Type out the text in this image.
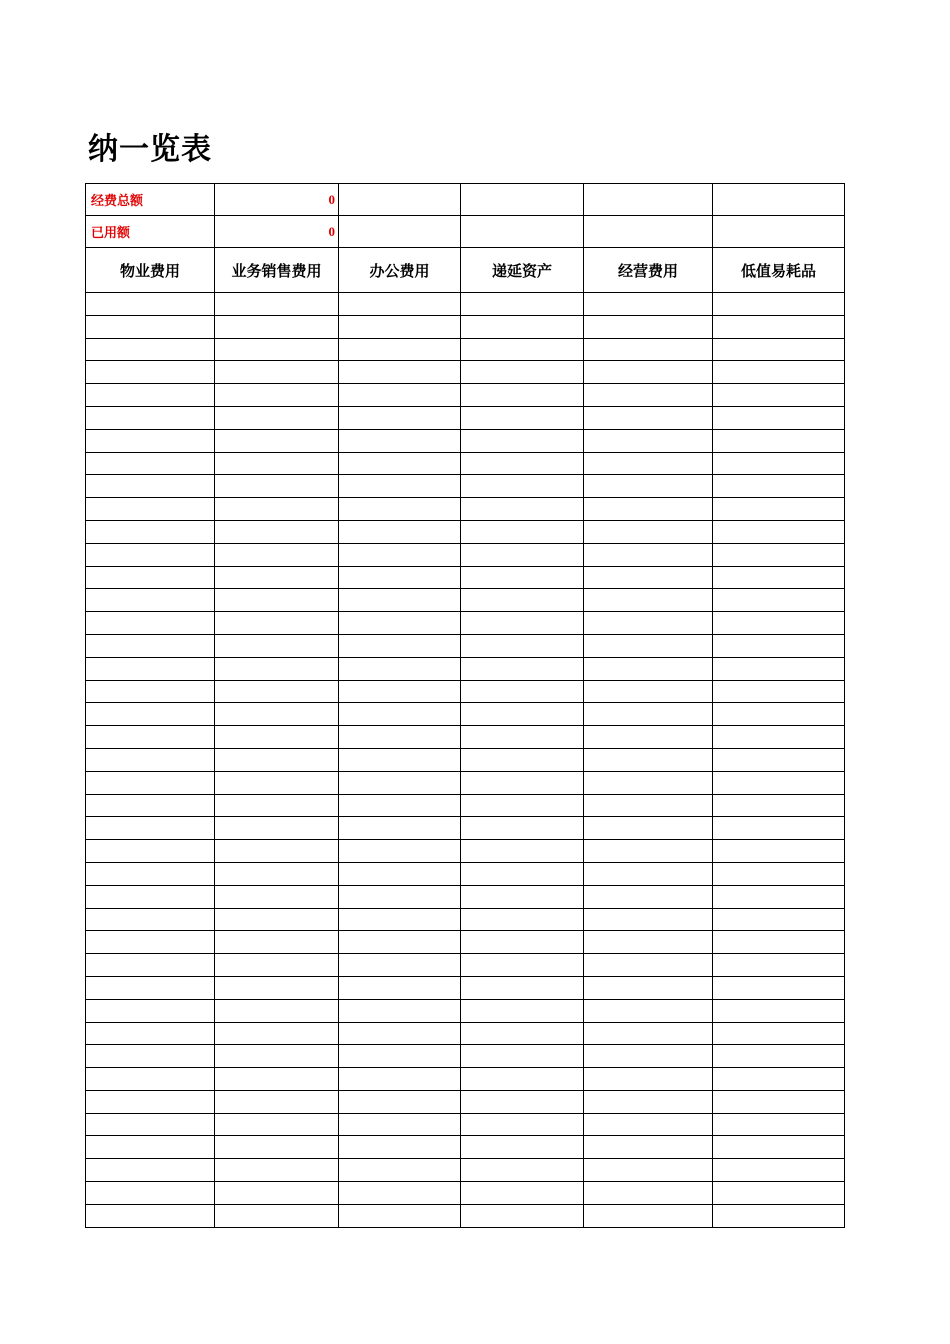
纳一览表
经费总额	0				
已用额	0				
物业费用	业务销售费用	办公费用	递延资产	经营费用	低值易耗品
